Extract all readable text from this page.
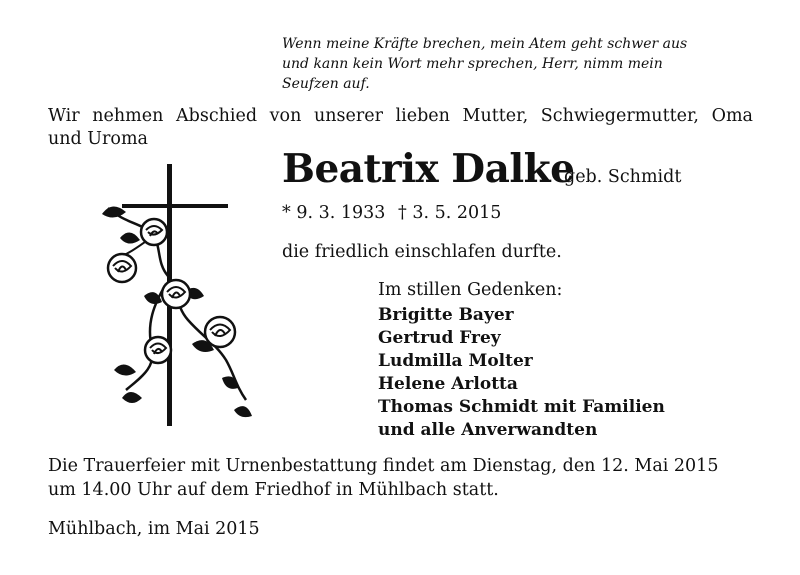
Wenn meine Kräfte brechen, mein Atem geht schwer aus
und kann kein Wort mehr sprechen, Herr, nimm mein
Seufzen auf.
Wir nehmen Abschied von unserer lieben Mutter, Schwiegermutter, Oma
und Uroma
Beatrix Dalke
geb. Schmidt
* 9. 3. 1933 † 3. 5. 2015
die friedlich einschlafen durfte.
Im stillen Gedenken:
Brigitte Bayer
Gertrud Frey
Ludmilla Molter
Helene Arlotta
Thomas Schmidt mit Familien
und alle Anverwandten
Die Trauerfeier mit Urnenbestattung findet am Dienstag, den 12. Mai 2015
um 14.00 Uhr auf dem Friedhof in Mühlbach statt.
Mühlbach, im Mai 2015
